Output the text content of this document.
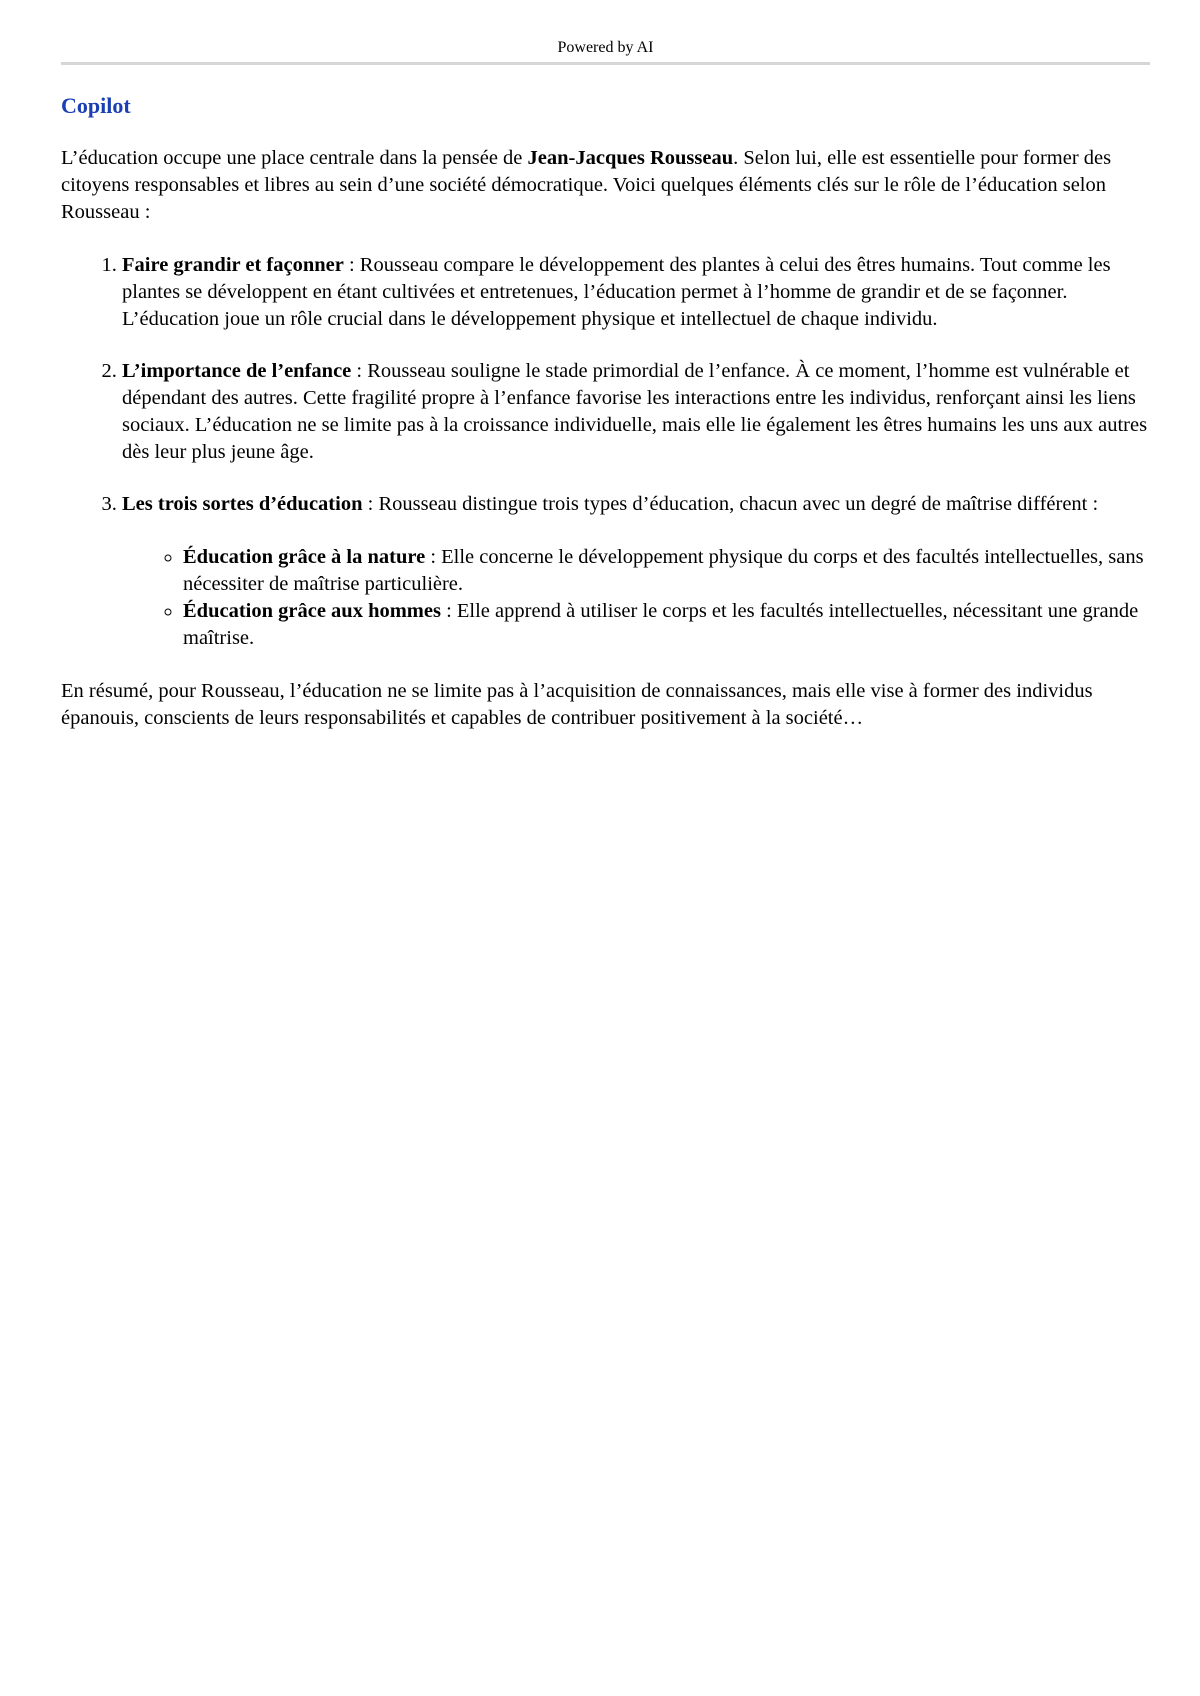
Powered by AI
Copilot

L’éducation occupe une place centrale dans la pensée de Jean-Jacques Rousseau. Selon lui, elle est essentielle pour former des citoyens responsables et libres au sein d’une société démocratique. Voici quelques éléments clés sur le rôle de l’éducation selon Rousseau :

1. Faire grandir et façonner : Rousseau compare le développement des plantes à celui des êtres humains. Tout comme les plantes se développent en étant cultivées et entretenues, l’éducation permet à l’homme de grandir et de se façonner. L’éducation joue un rôle crucial dans le développement physique et intellectuel de chaque individu.
2. L’importance de l’enfance : Rousseau souligne le stade primordial de l’enfance. À ce moment, l’homme est vulnérable et dépendant des autres. Cette fragilité propre à l’enfance favorise les interactions entre les individus, renforçant ainsi les liens sociaux. L’éducation ne se limite pas à la croissance individuelle, mais elle lie également les êtres humains les uns aux autres dès leur plus jeune âge.
3. Les trois sortes d’éducation : Rousseau distingue trois types d’éducation, chacun avec un degré de maîtrise différent :
◦ Éducation grâce à la nature : Elle concerne le développement physique du corps et des facultés intellectuelles, sans nécessiter de maîtrise particulière.
◦ Éducation grâce aux hommes : Elle apprend à utiliser le corps et les facultés intellectuelles, nécessitant une grande maîtrise.

En résumé, pour Rousseau, l’éducation ne se limite pas à l’acquisition de connaissances, mais elle vise à former des individus épanouis, conscients de leurs responsabilités et capables de contribuer positivement à la société…
